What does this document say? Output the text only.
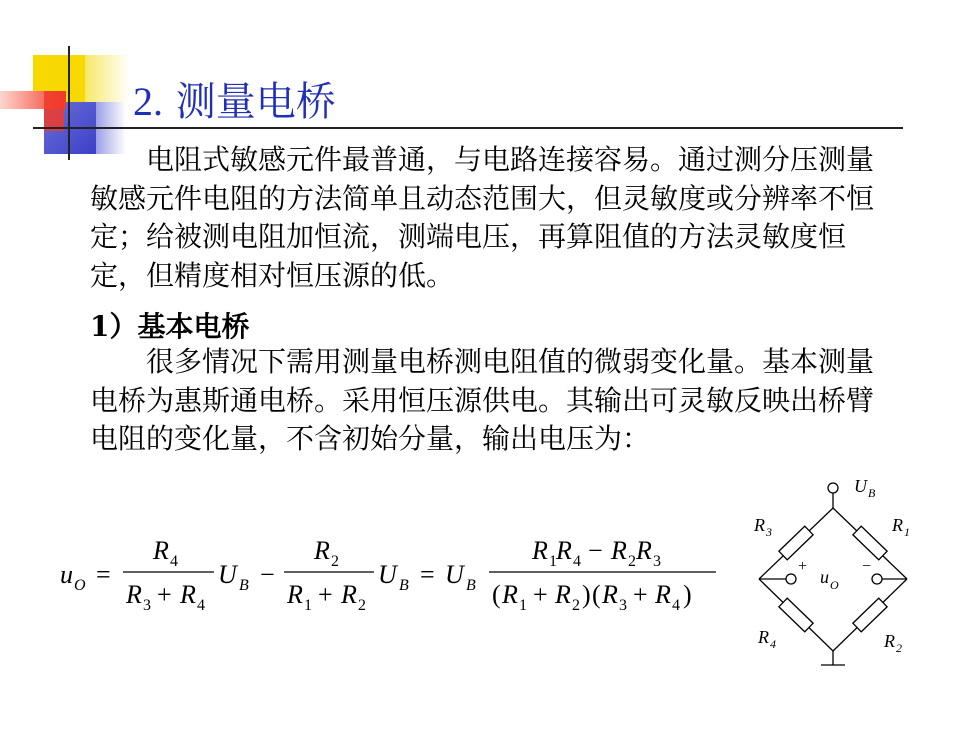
2. 测量电桥

　　电阻式敏感元件最普通，与电路连接容易。通过测分压测量敏感元件电阻的方法简单且动态范围大，但灵敏度或分辨率不恒定；给被测电阻加恒流，测端电压，再算阻值的方法灵敏度恒定，但精度相对恒压源的低。

1）基本电桥

　　很多情况下需用测量电桥测电阻值的微弱变化量。基本测量电桥为惠斯通电桥。采用恒压源供电。其输出可灵敏反映出桥臂电阻的变化量，不含初始分量，输出电压为：

u O =
R 4
R 3 + R 4
U B −
R 2
R 1 + R 2
U B = U B
R 1 R 4 − R 2 R 3
( R 1 + R 2 ) ( R 3 + R 4 )
U B
+	−
u O
R 3	R 1
R 4	R 2
